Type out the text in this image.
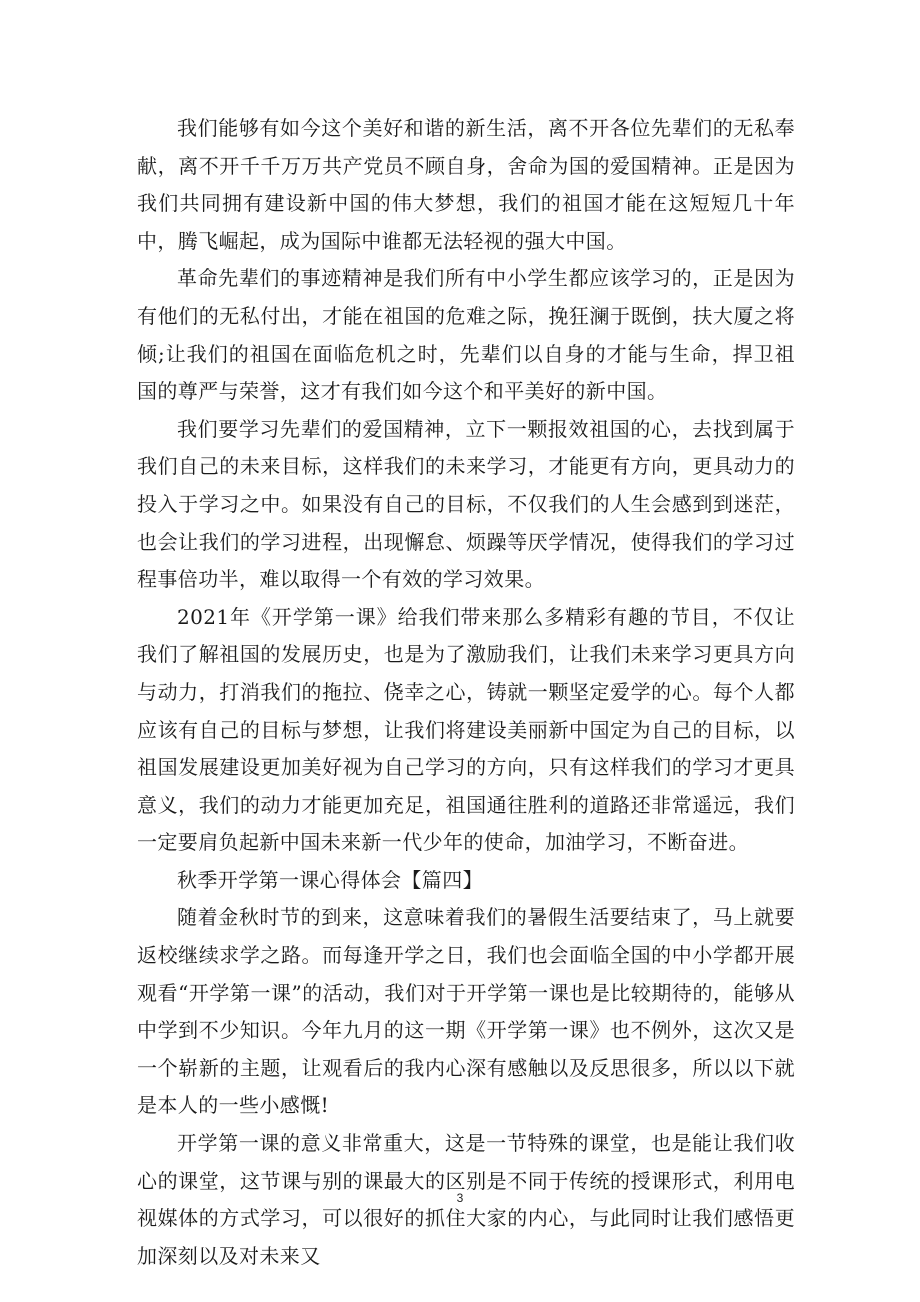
我们能够有如今这个美好和谐的新生活，离不开各位先辈们的无私奉献，离不开千千万万共产党员不顾自身，舍命为国的爱国精神。正是因为我们共同拥有建设新中国的伟大梦想，我们的祖国才能在这短短几十年中，腾飞崛起，成为国际中谁都无法轻视的强大中国。

革命先辈们的事迹精神是我们所有中小学生都应该学习的，正是因为有他们的无私付出，才能在祖国的危难之际，挽狂澜于既倒，扶大厦之将倾;让我们的祖国在面临危机之时，先辈们以自身的才能与生命，捍卫祖国的尊严与荣誉，这才有我们如今这个和平美好的新中国。

我们要学习先辈们的爱国精神，立下一颗报效祖国的心，去找到属于我们自己的未来目标，这样我们的未来学习，才能更有方向，更具动力的投入于学习之中。如果没有自己的目标，不仅我们的人生会感到到迷茫，也会让我们的学习进程，出现懈怠、烦躁等厌学情况，使得我们的学习过程事倍功半，难以取得一个有效的学习效果。

2021年《开学第一课》给我们带来那么多精彩有趣的节目，不仅让我们了解祖国的发展历史，也是为了激励我们，让我们未来学习更具方向与动力，打消我们的拖拉、侥幸之心，铸就一颗坚定爱学的心。每个人都应该有自己的目标与梦想，让我们将建设美丽新中国定为自己的目标，以祖国发展建设更加美好视为自己学习的方向，只有这样我们的学习才更具意义，我们的动力才能更加充足，祖国通往胜利的道路还非常遥远，我们一定要肩负起新中国未来新一代少年的使命，加油学习，不断奋进。

秋季开学第一课心得体会【篇四】

随着金秋时节的到来，这意味着我们的暑假生活要结束了，马上就要返校继续求学之路。而每逢开学之日，我们也会面临全国的中小学都开展观看“开学第一课”的活动，我们对于开学第一课也是比较期待的，能够从中学到不少知识。今年九月的这一期《开学第一课》也不例外，这次又是一个崭新的主题，让观看后的我内心深有感触以及反思很多，所以以下就是本人的一些小感慨!

开学第一课的意义非常重大，这是一节特殊的课堂，也是能让我们收心的课堂，这节课与别的课最大的区别是不同于传统的授课形式，利用电视媒体的方式学习，可以很好的抓住大家的内心，与此同时让我们感悟更加深刻以及对未来又

3
